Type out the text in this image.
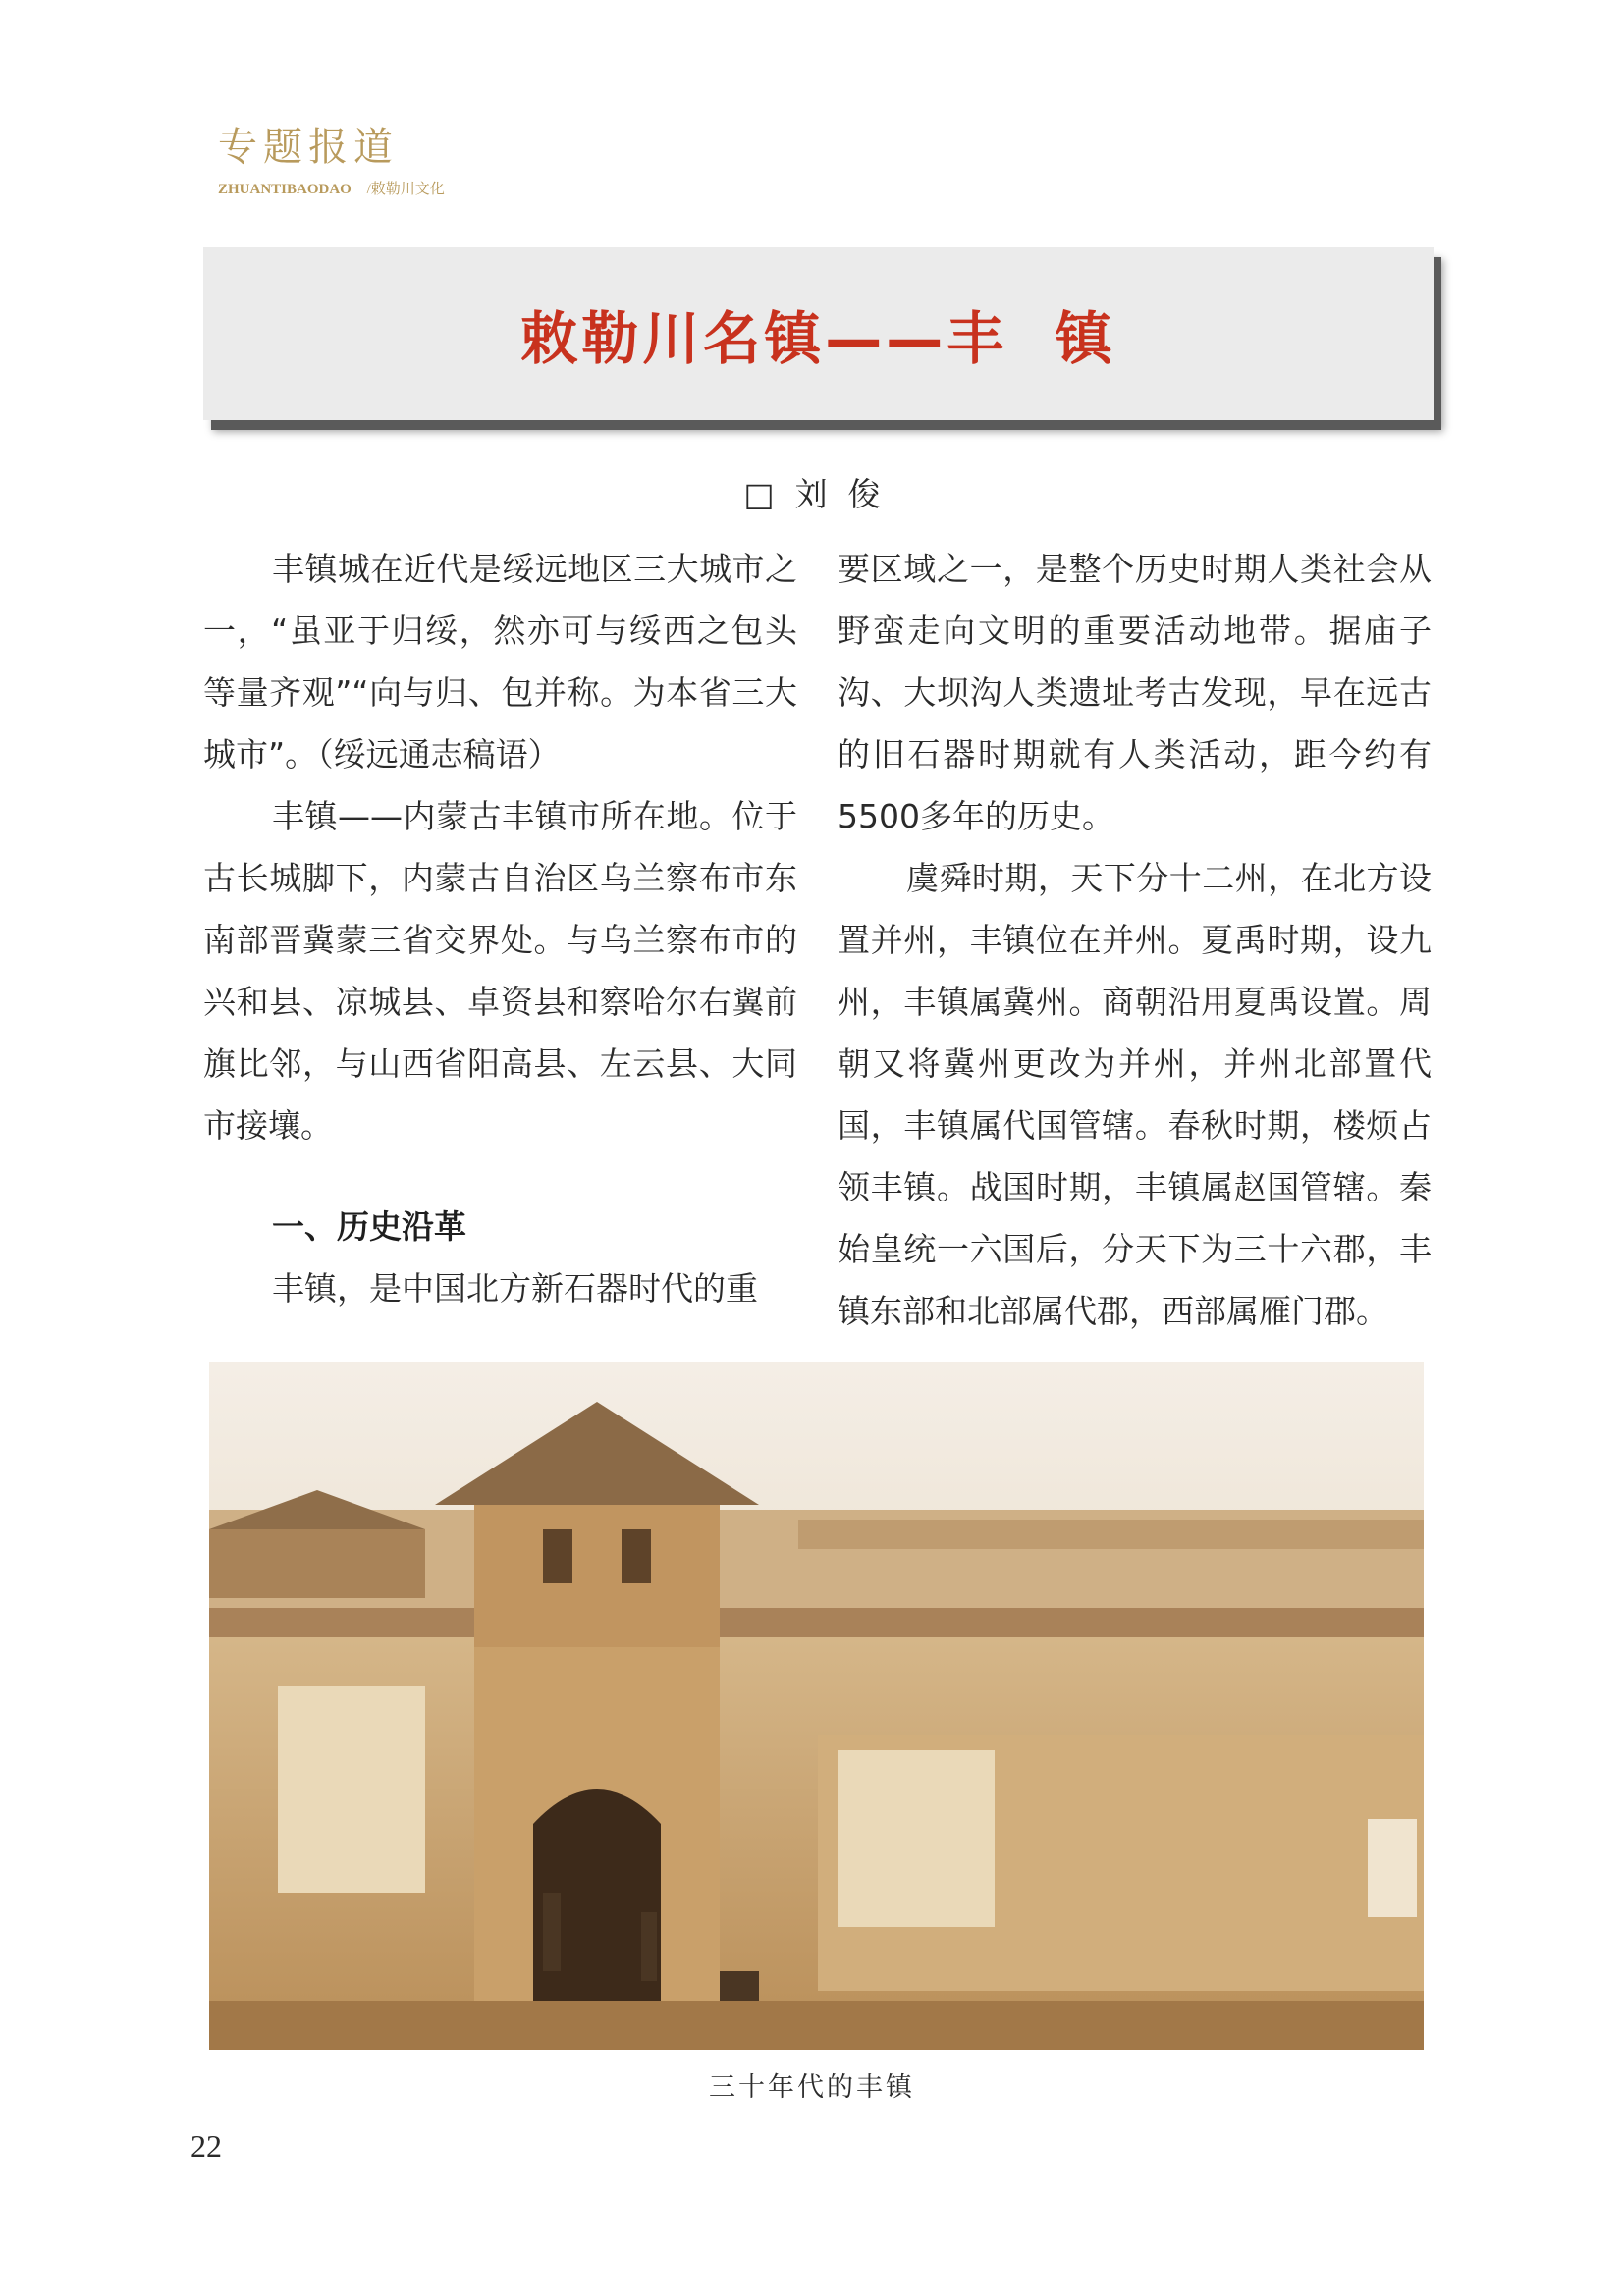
专题报道
ZHUANTIBAODAO /敕勒川文化
敕勒川名镇——丰  镇
□  刘  俊

丰镇城在近代是绥远地区三大城市之一，“虽亚于归绥，然亦可与绥西之包头等量齐观”“向与归、包并称。为本省三大城市”。（绥远通志稿语）

丰镇——内蒙古丰镇市所在地。位于古长城脚下，内蒙古自治区乌兰察布市东南部晋冀蒙三省交界处。与乌兰察布市的兴和县、凉城县、卓资县和察哈尔右翼前旗比邻，与山西省阳高县、左云县、大同市接壤。

一、历史沿革

丰镇，是中国北方新石器时代的重

要区域之一，是整个历史时期人类社会从野蛮走向文明的重要活动地带。据庙子沟、大坝沟人类遗址考古发现，早在远古的旧石器时期就有人类活动，距今约有5500多年的历史。

虞舜时期，天下分十二州，在北方设置并州，丰镇位在并州。夏禹时期，设九州，丰镇属冀州。商朝沿用夏禹设置。周朝又将冀州更改为并州，并州北部置代国，丰镇属代国管辖。春秋时期，楼烦占领丰镇。战国时期，丰镇属赵国管辖。秦始皇统一六国后，分天下为三十六郡，丰镇东部和北部属代郡，西部属雁门郡。

三十年代的丰镇
22
